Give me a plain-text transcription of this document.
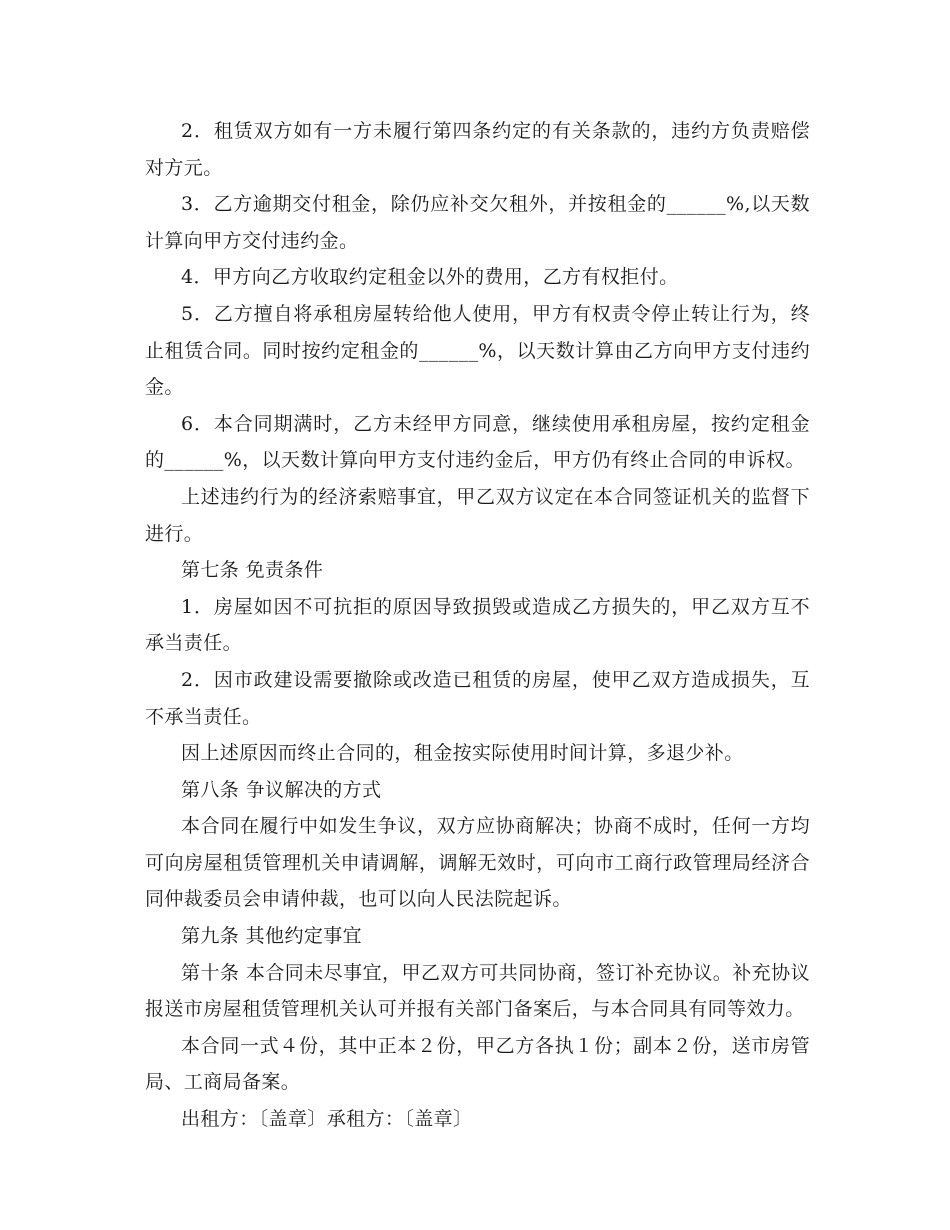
2．租赁双方如有一方未履行第四条约定的有关条款的，违约方负责赔偿对方元。

3．乙方逾期交付租金，除仍应补交欠租外，并按租金的______%,以天数计算向甲方交付违约金。

4．甲方向乙方收取约定租金以外的费用，乙方有权拒付。

5．乙方擅自将承租房屋转给他人使用，甲方有权责令停止转让行为，终止租赁合同。同时按约定租金的______%，以天数计算由乙方向甲方支付违约金。

6．本合同期满时，乙方未经甲方同意，继续使用承租房屋，按约定租金的______%，以天数计算向甲方支付违约金后，甲方仍有终止合同的申诉权。

上述违约行为的经济索赔事宜，甲乙双方议定在本合同签证机关的监督下进行。

第七条 免责条件

1．房屋如因不可抗拒的原因导致损毁或造成乙方损失的，甲乙双方互不承当责任。

2．因市政建设需要撤除或改造已租赁的房屋，使甲乙双方造成损失，互不承当责任。

因上述原因而终止合同的，租金按实际使用时间计算，多退少补。

第八条 争议解决的方式

本合同在履行中如发生争议，双方应协商解决；协商不成时，任何一方均可向房屋租赁管理机关申请调解，调解无效时，可向市工商行政管理局经济合同仲裁委员会申请仲裁，也可以向人民法院起诉。

第九条 其他约定事宜

第十条 本合同未尽事宜，甲乙双方可共同协商，签订补充协议。补充协议报送市房屋租赁管理机关认可并报有关部门备案后，与本合同具有同等效力。

本合同一式４份，其中正本２份，甲乙方各执１份；副本２份，送市房管局、工商局备案。

出租方：〔盖章〕承租方：〔盖章〕
